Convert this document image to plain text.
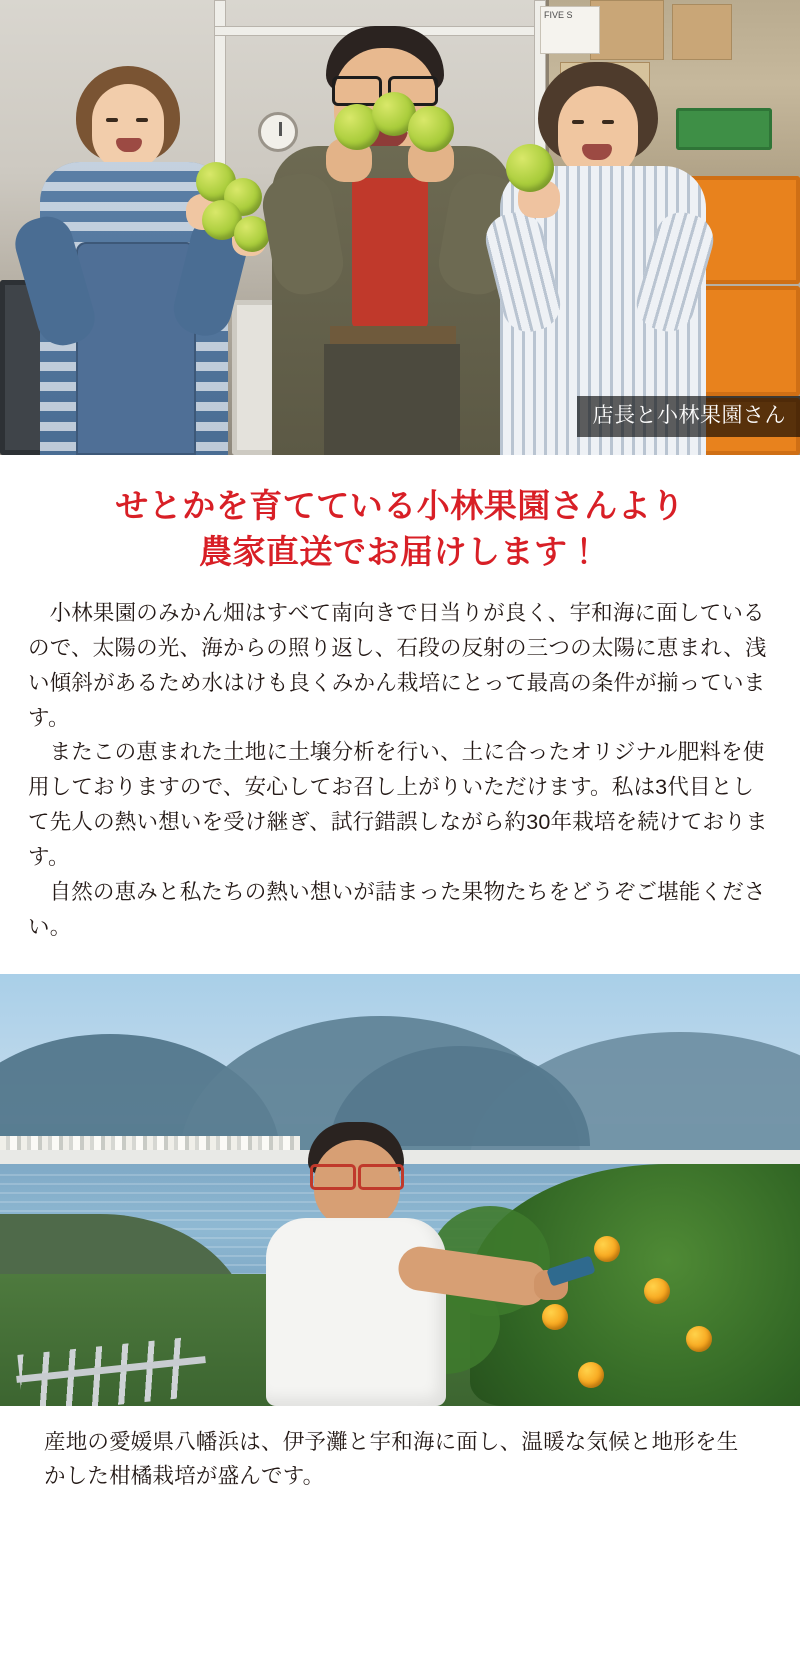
FIVE S
店長と小林果園さん
せとかを育てている小林果園さんより
農家直送でお届けします！

小林果園のみかん畑はすべて南向きで日当りが良く、宇和海に面しているので、太陽の光、海からの照り返し、石段の反射の三つの太陽に恵まれ、浅い傾斜があるため水はけも良くみかん栽培にとって最高の条件が揃っています。

またこの恵まれた土地に土壌分析を行い、土に合ったオリジナル肥料を使用しておりますので、安心してお召し上がりいただけます。私は3代目として先人の熱い想いを受け継ぎ、試行錯誤しながら約30年栽培を続けております。

自然の恵みと私たちの熱い想いが詰まった果物たちをどうぞご堪能ください。

産地の愛媛県八幡浜は、伊予灘と宇和海に面し、温暖な気候と地形を生かした柑橘栽培が盛んです。
